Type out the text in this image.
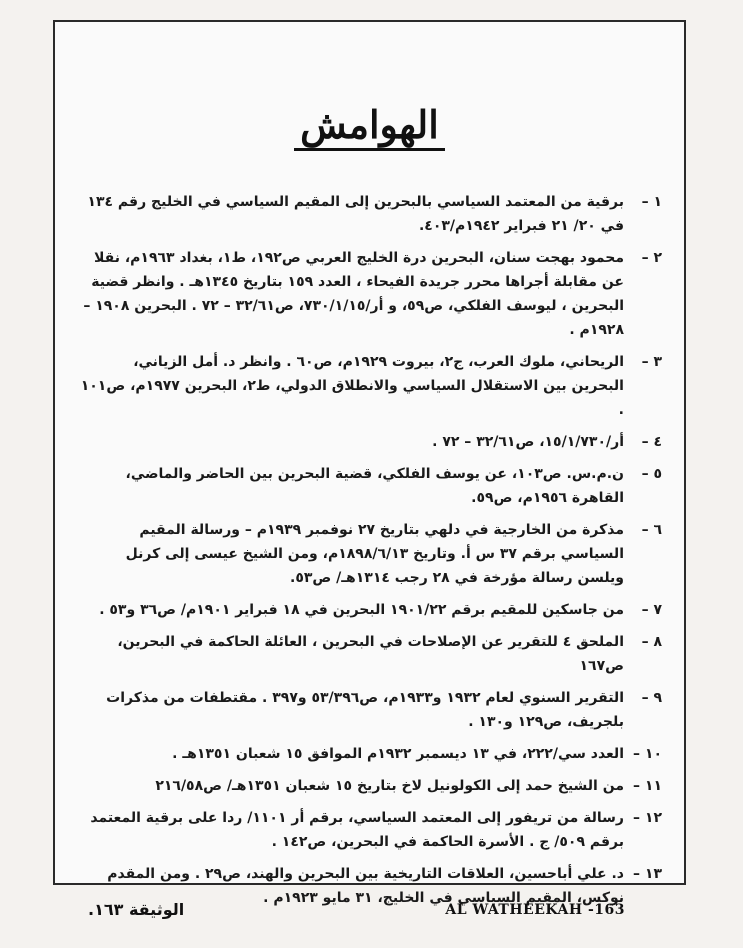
الهوامش
١ –
برقية من المعتمد السياسي بالبحرين إلى المقيم السياسي في الخليج رقم ١٣٤ في ٢٠/ ٢١ فبراير ١٩٤٢م/٤٠٣.
٢ –
محمود بهجت سنان، البحرين درة الخليج العربي ص١٩٢، ط١، بغداد ١٩٦٣م، نقلا عن مقابلة أجراها محرر جريدة الفيحاء ، العدد ١٥٩ بتاريخ ١٣٤٥هـ . وانظر قضية البحرين ، ليوسف الفلكي، ص٥٩، و أر/٧٣٠/١/١٥، ص٣٢/٦١ – ٧٢ . البحرين ١٩٠٨ – ١٩٢٨م .
٣ –
الريحاني، ملوك العرب، ج٢، بيروت ١٩٢٩م، ص٦٠ . وانظر د. أمل الزياني، البحرين بين الاستقلال السياسي والانطلاق الدولي، ط٢، البحرين ١٩٧٧م، ص١٠١ .
٤ –
أر/١٥/١/٧٣٠، ص٣٢/٦١ – ٧٢ .
٥ –
ن.م.س. ص١٠٣، عن يوسف الفلكي، قضية البحرين بين الحاضر والماضي، القاهرة ١٩٥٦م، ص٥٩.
٦ –
مذكرة من الخارجية في دلهي بتاريخ ٢٧ نوفمبر ١٩٣٩م – ورسالة المقيم السياسي برقم ٣٧ س أ. وتاريخ ١٨٩٨/٦/١٣م، ومن الشيخ عيسى إلى كرنل ويلسن رسالة مؤرخة في ٢٨ رجب ١٣١٤هـ/ ص٥٣.
٧ –
من جاسكين للمقيم برقم ١٩٠١/٢٢ البحرين في ١٨ فبراير ١٩٠١م/ ص٣٦ و٥٣ .
٨ –
الملحق ٤ للتقرير عن الإصلاحات في البحرين ، العائلة الحاكمة في البحرين، ص١٦٧
٩ –
التقرير السنوي لعام ١٩٣٢ و١٩٣٣م، ص٥٣/٣٩٦ و٣٩٧ . مقتطفات من مذكرات بلجريف، ص١٢٩ و١٣٠ .
١٠ –
العدد سي/٢٢٢، في ١٣ ديسمبر ١٩٣٢م الموافق ١٥ شعبان ١٣٥١هـ .
١١ –
من الشيخ حمد إلى الكولونيل لاخ بتاريخ ١٥ شعبان ١٣٥١هـ/ ص٢١٦/٥٨
١٢ –
رسالة من تريفور إلى المعتمد السياسي، برقم أر ١١٠١/ ردا على برقية المعتمد برقم ٥٠٩/ ج . الأسرة الحاكمة في البحرين، ص١٤٢ .
١٣ –
د. علي أباحسين، العلاقات التاريخية بين البحرين والهند، ص٢٩ . ومن المقدم نوكس، المقيم السياسي في الخليج، ٣١ مايو ١٩٢٣م .
الوثيقة ١٦٣.	AL WATHEEKAH -163
